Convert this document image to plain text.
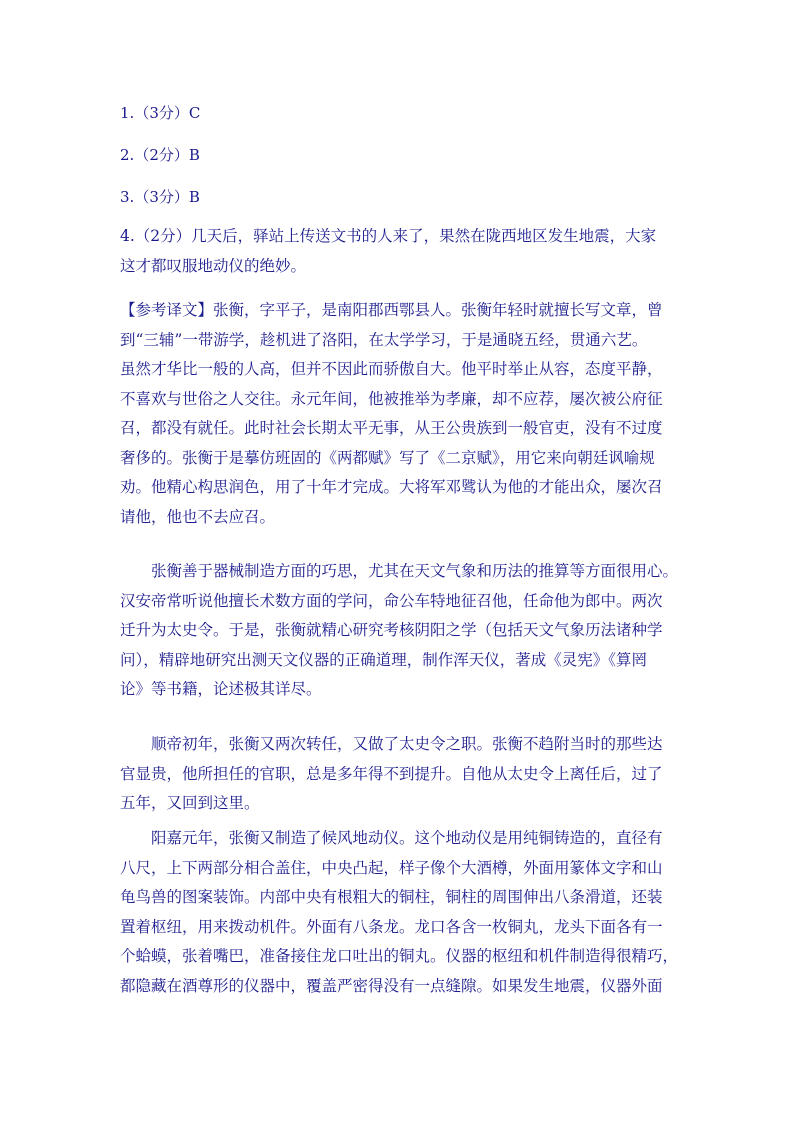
1.（3分）C
2.（2分）B
3.（3分）B
4.（2分）几天后，驿站上传送文书的人来了，果然在陇西地区发生地震，大家
这才都叹服地动仪的绝妙。
【参考译文】张衡，字平子，是南阳郡西鄂县人。张衡年轻时就擅长写文章，曾
到“三辅”一带游学，趁机进了洛阳，在太学学习，于是通晓五经，贯通六艺。
虽然才华比一般的人高，但并不因此而骄傲自大。他平时举止从容，态度平静，
不喜欢与世俗之人交往。永元年间，他被推举为孝廉，却不应荐，屡次被公府征
召，都没有就任。此时社会长期太平无事，从王公贵族到一般官吏，没有不过度
奢侈的。张衡于是摹仿班固的《两都赋》写了《二京赋》，用它来向朝廷讽喻规
劝。他精心构思润色，用了十年才完成。大将军邓骘认为他的才能出众，屡次召
请他，他也不去应召。
张衡善于器械制造方面的巧思，尤其在天文气象和历法的推算等方面很用心。
汉安帝常听说他擅长术数方面的学问，命公车特地征召他，任命他为郎中。两次
迁升为太史令。于是，张衡就精心研究考核阴阳之学（包括天文气象历法诸种学
问），精辟地研究出测天文仪器的正确道理，制作浑天仪，著成《灵宪》《算罔
论》等书籍，论述极其详尽。
顺帝初年，张衡又两次转任，又做了太史令之职。张衡不趋附当时的那些达
官显贵，他所担任的官职，总是多年得不到提升。自他从太史令上离任后，过了
五年，又回到这里。
阳嘉元年，张衡又制造了候风地动仪。这个地动仪是用纯铜铸造的，直径有
八尺，上下两部分相合盖住，中央凸起，样子像个大酒樽，外面用篆体文字和山
龟鸟兽的图案装饰。内部中央有根粗大的铜柱，铜柱的周围伸出八条滑道，还装
置着枢纽，用来拨动机件。外面有八条龙。龙口各含一枚铜丸，龙头下面各有一
个蛤蟆，张着嘴巴，准备接住龙口吐出的铜丸。仪器的枢纽和机件制造得很精巧，
都隐藏在酒尊形的仪器中，覆盖严密得没有一点缝隙。如果发生地震，仪器外面
